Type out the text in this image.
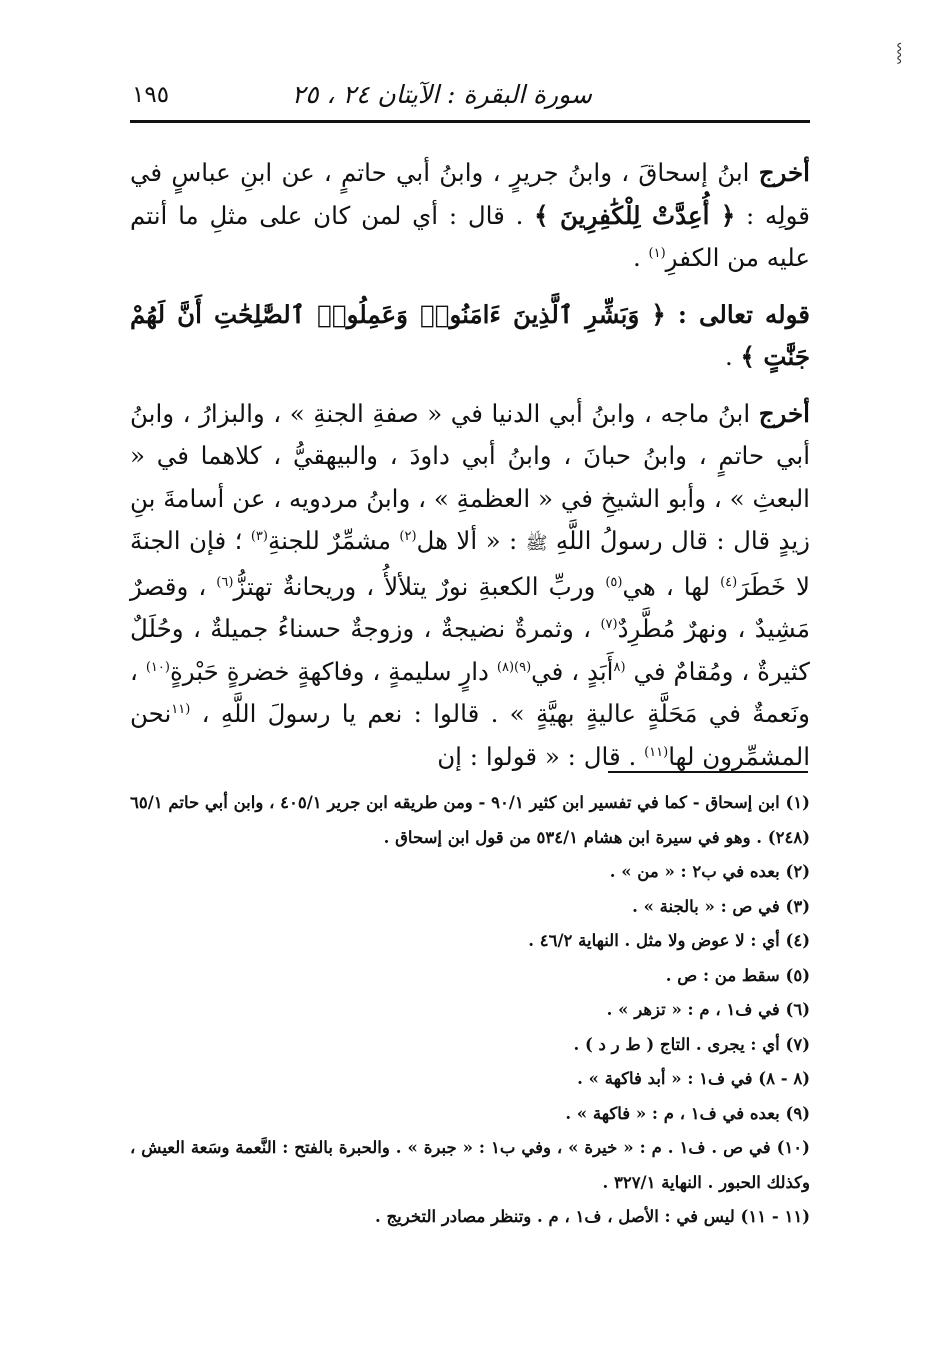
⸾
سورة البقرة : الآيتان ٢٤ ، ٢٥
١٩٥

أخرج ابنُ إسحاقَ ، وابنُ جريرٍ ، وابنُ أبي حاتمٍ ، عن ابنِ عباسٍ في قولِه : ﴿ أُعِدَّتْ لِلْكَٰفِرِينَ ﴾ . قال : أي لمن كان على مثلِ ما أنتم عليه من الكفرِ$^{(١)}$ .

قوله تعالى : ﴿ وَبَشِّرِ ٱلَّذِينَ ءَامَنُوا۟ وَعَمِلُوا۟ ٱلصَّٰلِحَٰتِ أَنَّ لَهُمْ جَنَّٰتٍ ﴾ .

أخرج ابنُ ماجه ، وابنُ أبي الدنيا في « صفةِ الجنةِ » ، والبزارُ ، وابنُ أبي حاتمٍ ، وابنُ حبانَ ، وابنُ أبي داودَ ، والبيهقيُّ ، كلاهما في « البعثِ » ، وأبو الشيخِ في « العظمةِ » ، وابنُ مردويه ، عن أسامةَ بنِ زيدٍ قال : قال رسولُ اللَّهِ ﷺ : « ألا هل$^{(٢)}$ مشمِّرٌ للجنةِ$^{(٣)}$ ؛ فإن الجنةَ لا خَطَرَ$^{(٤)}$ لها ، هي$^{(٥)}$ وربِّ الكعبةِ نورٌ يتلألأُ ، وريحانةٌ تهتزُّ$^{(٦)}$ ، وقصرٌ مَشِيدٌ ، ونهرٌ مُطَّرِدٌ$^{(٧)}$ ، وثمرةٌ نضيجةٌ ، وزوجةٌ حسناءُ جميلةٌ ، وحُلَلٌ كثيرةٌ ، ومُقامٌ في $^{(٨}$أَبَدٍ ، في$^{(٩)(٨)}$ دارٍ سليمةٍ ، وفاكهةٍ خضرةٍ حَبْرةٍ$^{(١٠)}$ ، ونَعمةٌ في مَحَلَّةٍ عاليةٍ بهيَّةٍ » . قالوا : نعم يا رسولَ اللَّهِ ، $^{(١١}$نحن المشمِّرون لها$^{(١١)}$ . قال : « قولوا : إن

(١) ابن إسحاق - كما في تفسير ابن كثير ٩٠/١ - ومن طريقه ابن جرير ٤٠٥/١ ، وابن أبي حاتم ٦٥/١ (٢٤٨) . وهو في سيرة ابن هشام ٥٣٤/١ من قول ابن إسحاق .

(٢) بعده في ب٢ : « من » .

(٣) في ص : « بالجنة » .

(٤) أي : لا عوض ولا مثل . النهاية ٤٦/٢ .

(٥) سقط من : ص .

(٦) في ف١ ، م : « تزهر » .

(٧) أي : يجرى . التاج ( ط ر د ) .

(٨ - ٨) في ف١ : « أبد فاكهة » .

(٩) بعده في ف١ ، م : « فاكهة » .

(١٠) في ص . ف١ . م : « خيرة » ، وفي ب١ : « جبرة » . والحبرة بالفتح : النَّعمة وسَعة العيش ، وكذلك الحبور . النهاية ٣٢٧/١ .

(١١ - ١١) ليس في : الأصل ، ف١ ، م . وتنظر مصادر التخريج .
